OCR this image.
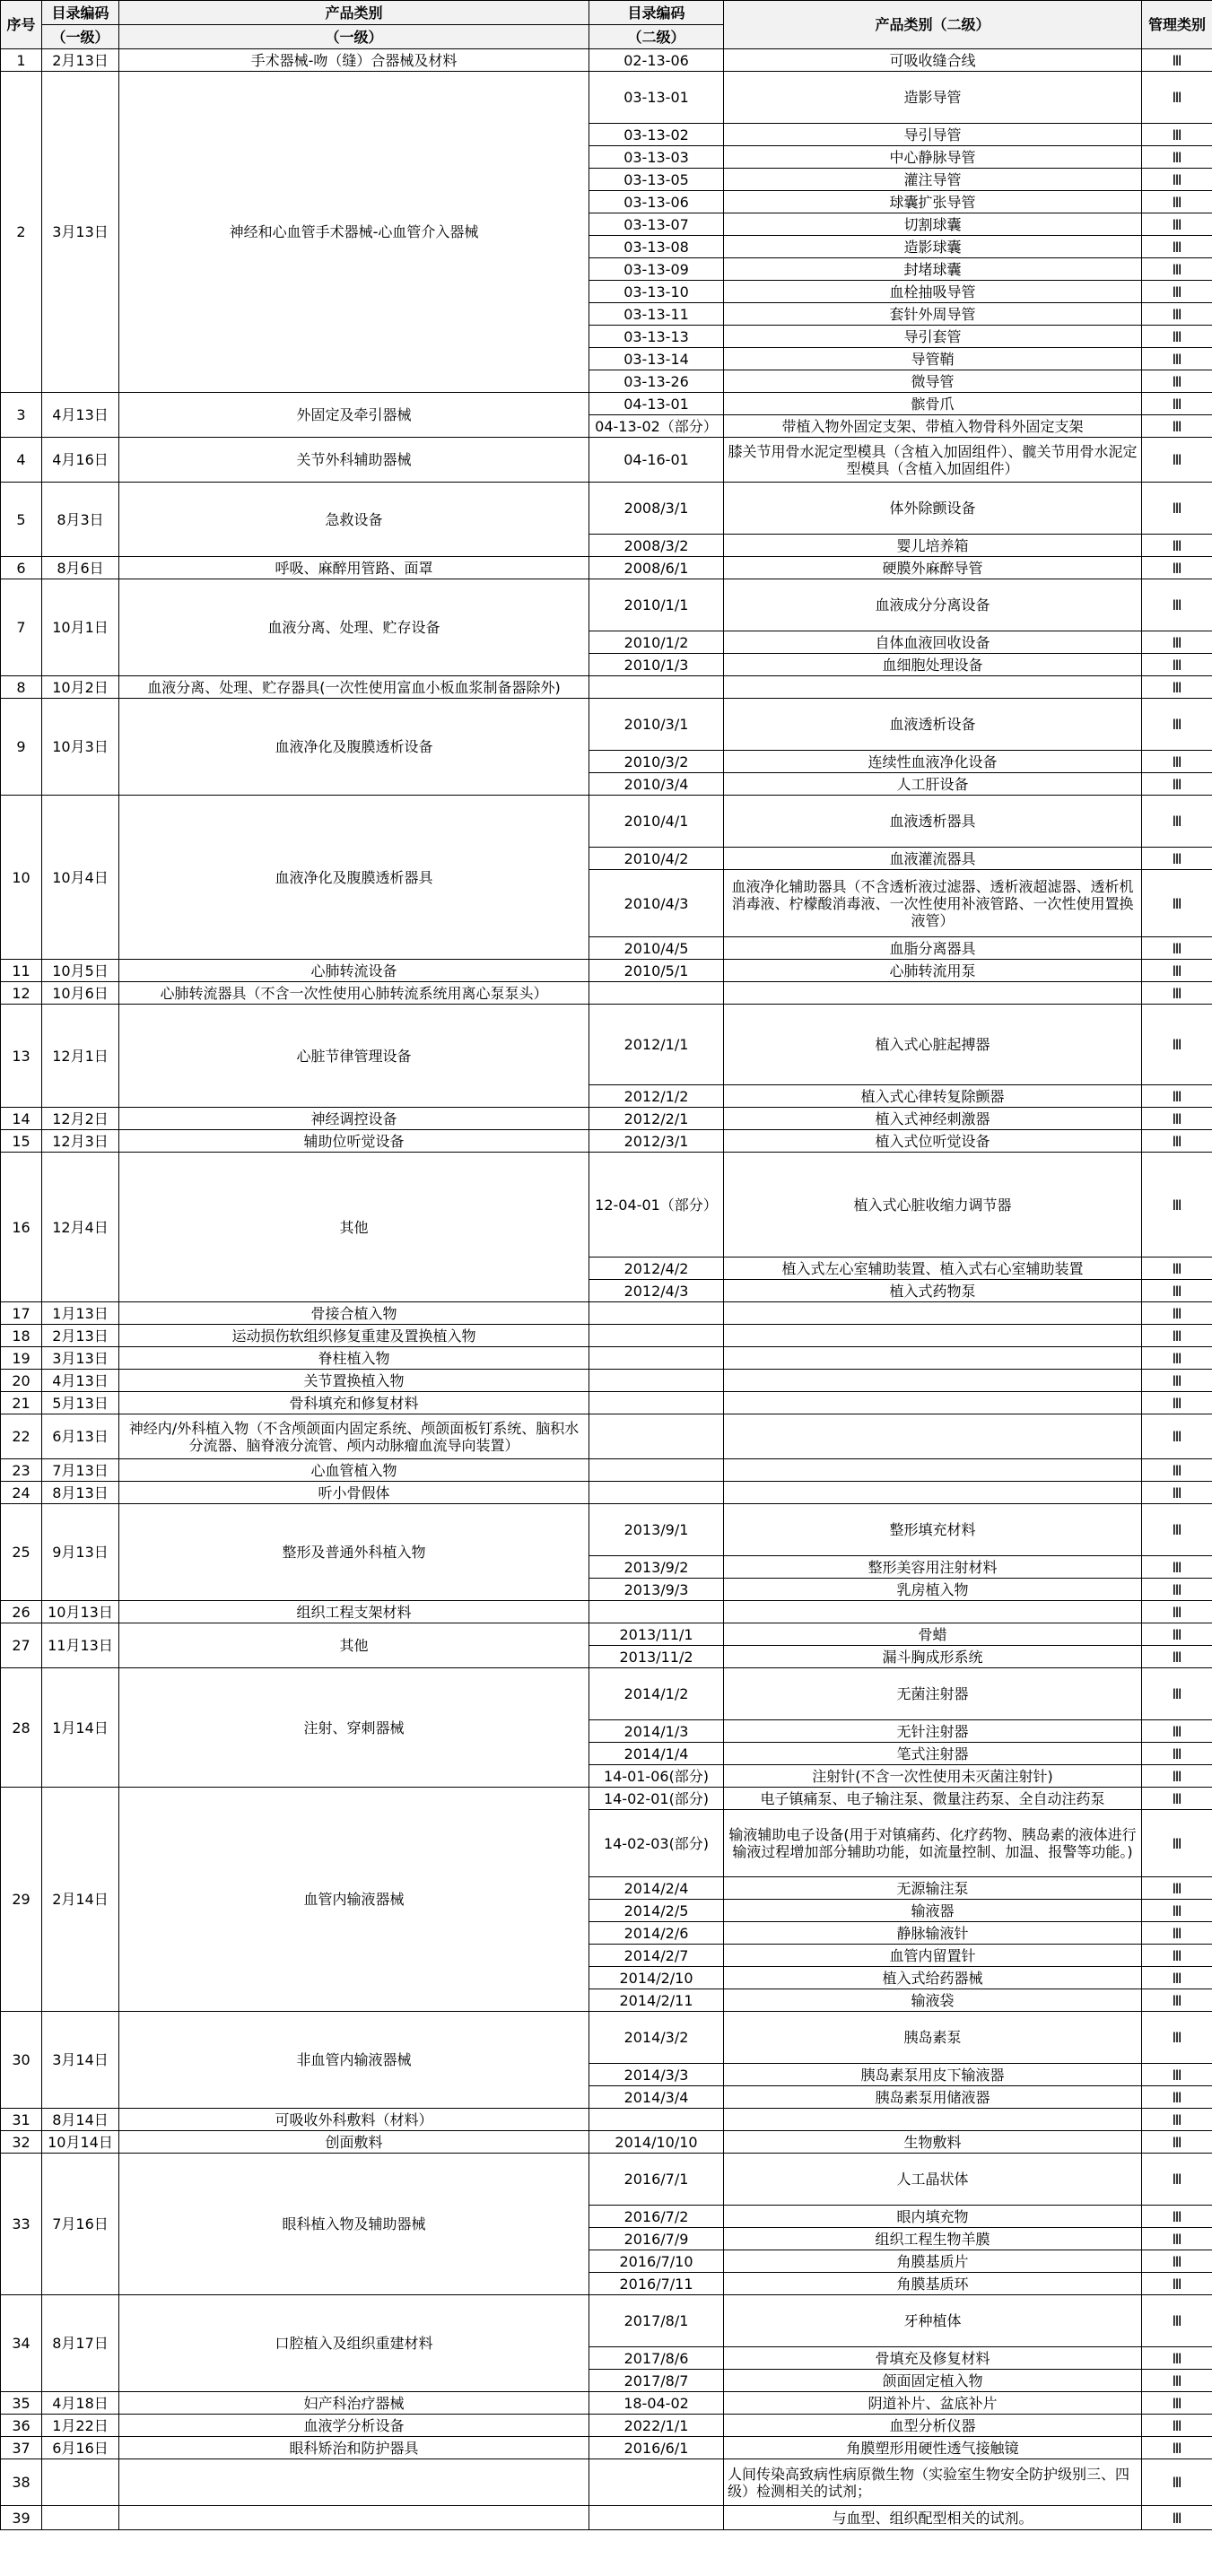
序号	目录编码	产品类别	目录编码	产品类别（二级）	管理类别
	（一级）	（一级）	（二级）		
1	2月13日	手术器械-吻（缝）合器械及材料	02-13-06	可吸收缝合线	Ⅲ
2	3月13日	神经和心血管手术器械-心血管介入器械	03-13-01	造影导管	Ⅲ
			03-13-02	导引导管	Ⅲ
			03-13-03	中心静脉导管	Ⅲ
			03-13-05	灌注导管	Ⅲ
			03-13-06	球囊扩张导管	Ⅲ
			03-13-07	切割球囊	Ⅲ
			03-13-08	造影球囊	Ⅲ
			03-13-09	封堵球囊	Ⅲ
			03-13-10	血栓抽吸导管	Ⅲ
			03-13-11	套针外周导管	Ⅲ
			03-13-13	导引套管	Ⅲ
			03-13-14	导管鞘	Ⅲ
			03-13-26	微导管	Ⅲ
3	4月13日	外固定及牵引器械	04-13-01	髌骨爪	Ⅲ
			04-13-02（部分）	带植入物外固定支架、带植入物骨科外固定支架	Ⅲ
4	4月16日	关节外科辅助器械	04-16-01	膝关节用骨水泥定型模具（含植入加固组件）、髋关节用骨水泥定型模具（含植入加固组件）	Ⅲ
5	8月3日	急救设备	2008/3/1	体外除颤设备	Ⅲ
			2008/3/2	婴儿培养箱	Ⅲ
6	8月6日	呼吸、麻醉用管路、面罩	2008/6/1	硬膜外麻醉导管	Ⅲ
7	10月1日	血液分离、处理、贮存设备	2010/1/1	血液成分分离设备	Ⅲ
			2010/1/2	自体血液回收设备	Ⅲ
			2010/1/3	血细胞处理设备	Ⅲ
8	10月2日	血液分离、处理、贮存器具(一次性使用富血小板血浆制备器除外)			Ⅲ
9	10月3日	血液净化及腹膜透析设备	2010/3/1	血液透析设备	Ⅲ
			2010/3/2	连续性血液净化设备	Ⅲ
			2010/3/4	人工肝设备	Ⅲ
10	10月4日	血液净化及腹膜透析器具	2010/4/1	血液透析器具	Ⅲ
			2010/4/2	血液灌流器具	Ⅲ
			2010/4/3	血液净化辅助器具（不含透析液过滤器、透析液超滤器、透析机消毒液、柠檬酸消毒液、一次性使用补液管路、一次性使用置换液管）	Ⅲ
			2010/4/5	血脂分离器具	Ⅲ
11	10月5日	心肺转流设备	2010/5/1	心肺转流用泵	Ⅲ
12	10月6日	心肺转流器具（不含一次性使用心肺转流系统用离心泵泵头）			Ⅲ
13	12月1日	心脏节律管理设备	2012/1/1	植入式心脏起搏器	Ⅲ
			2012/1/2	植入式心律转复除颤器	Ⅲ
14	12月2日	神经调控设备	2012/2/1	植入式神经刺激器	Ⅲ
15	12月3日	辅助位听觉设备	2012/3/1	植入式位听觉设备	Ⅲ
16	12月4日	其他	12-04-01（部分）	植入式心脏收缩力调节器	Ⅲ
			2012/4/2	植入式左心室辅助装置、植入式右心室辅助装置	Ⅲ
			2012/4/3	植入式药物泵	Ⅲ
17	1月13日	骨接合植入物			Ⅲ
18	2月13日	运动损伤软组织修复重建及置换植入物			Ⅲ
19	3月13日	脊柱植入物			Ⅲ
20	4月13日	关节置换植入物			Ⅲ
21	5月13日	骨科填充和修复材料			Ⅲ
22	6月13日	神经内/外科植入物（不含颅颌面内固定系统、颅颌面板钉系统、脑积水分流器、脑脊液分流管、颅内动脉瘤血流导向装置）			Ⅲ
23	7月13日	心血管植入物			Ⅲ
24	8月13日	听小骨假体			Ⅲ
25	9月13日	整形及普通外科植入物	2013/9/1	整形填充材料	Ⅲ
			2013/9/2	整形美容用注射材料	Ⅲ
			2013/9/3	乳房植入物	Ⅲ
26	10月13日	组织工程支架材料			Ⅲ
27	11月13日	其他	2013/11/1	骨蜡	Ⅲ
			2013/11/2	漏斗胸成形系统	Ⅲ
28	1月14日	注射、穿刺器械	2014/1/2	无菌注射器	Ⅲ
			2014/1/3	无针注射器	Ⅲ
			2014/1/4	笔式注射器	Ⅲ
			14-01-06(部分)	注射针(不含一次性使用未灭菌注射针)	Ⅲ
29	2月14日	血管内输液器械	14-02-01(部分)	电子镇痛泵、电子输注泵、微量注药泵、全自动注药泵	Ⅲ
			14-02-03(部分)	输液辅助电子设备(用于对镇痛药、化疗药物、胰岛素的液体进行输液过程增加部分辅助功能，如流量控制、加温、报警等功能。)	Ⅲ
			2014/2/4	无源输注泵	Ⅲ
			2014/2/5	输液器	Ⅲ
			2014/2/6	静脉输液针	Ⅲ
			2014/2/7	血管内留置针	Ⅲ
			2014/2/10	植入式给药器械	Ⅲ
			2014/2/11	输液袋	Ⅲ
30	3月14日	非血管内输液器械	2014/3/2	胰岛素泵	Ⅲ
			2014/3/3	胰岛素泵用皮下输液器	Ⅲ
			2014/3/4	胰岛素泵用储液器	Ⅲ
31	8月14日	可吸收外科敷料（材料）			Ⅲ
32	10月14日	创面敷料	2014/10/10	生物敷料	Ⅲ
33	7月16日	眼科植入物及辅助器械	2016/7/1	人工晶状体	Ⅲ
			2016/7/2	眼内填充物	Ⅲ
			2016/7/9	组织工程生物羊膜	Ⅲ
			2016/7/10	角膜基质片	Ⅲ
			2016/7/11	角膜基质环	Ⅲ
34	8月17日	口腔植入及组织重建材料	2017/8/1	牙种植体	Ⅲ
			2017/8/6	骨填充及修复材料	Ⅲ
			2017/8/7	颌面固定植入物	Ⅲ
35	4月18日	妇产科治疗器械	18-04-02	阴道补片、盆底补片	Ⅲ
36	1月22日	血液学分析设备	2022/1/1	血型分析仪器	Ⅲ
37	6月16日	眼科矫治和防护器具	2016/6/1	角膜塑形用硬性透气接触镜	Ⅲ
38				人间传染高致病性病原微生物（实验室生物安全防护级别三、四级）检测相关的试剂；	Ⅲ
39				与血型、组织配型相关的试剂。	Ⅲ
